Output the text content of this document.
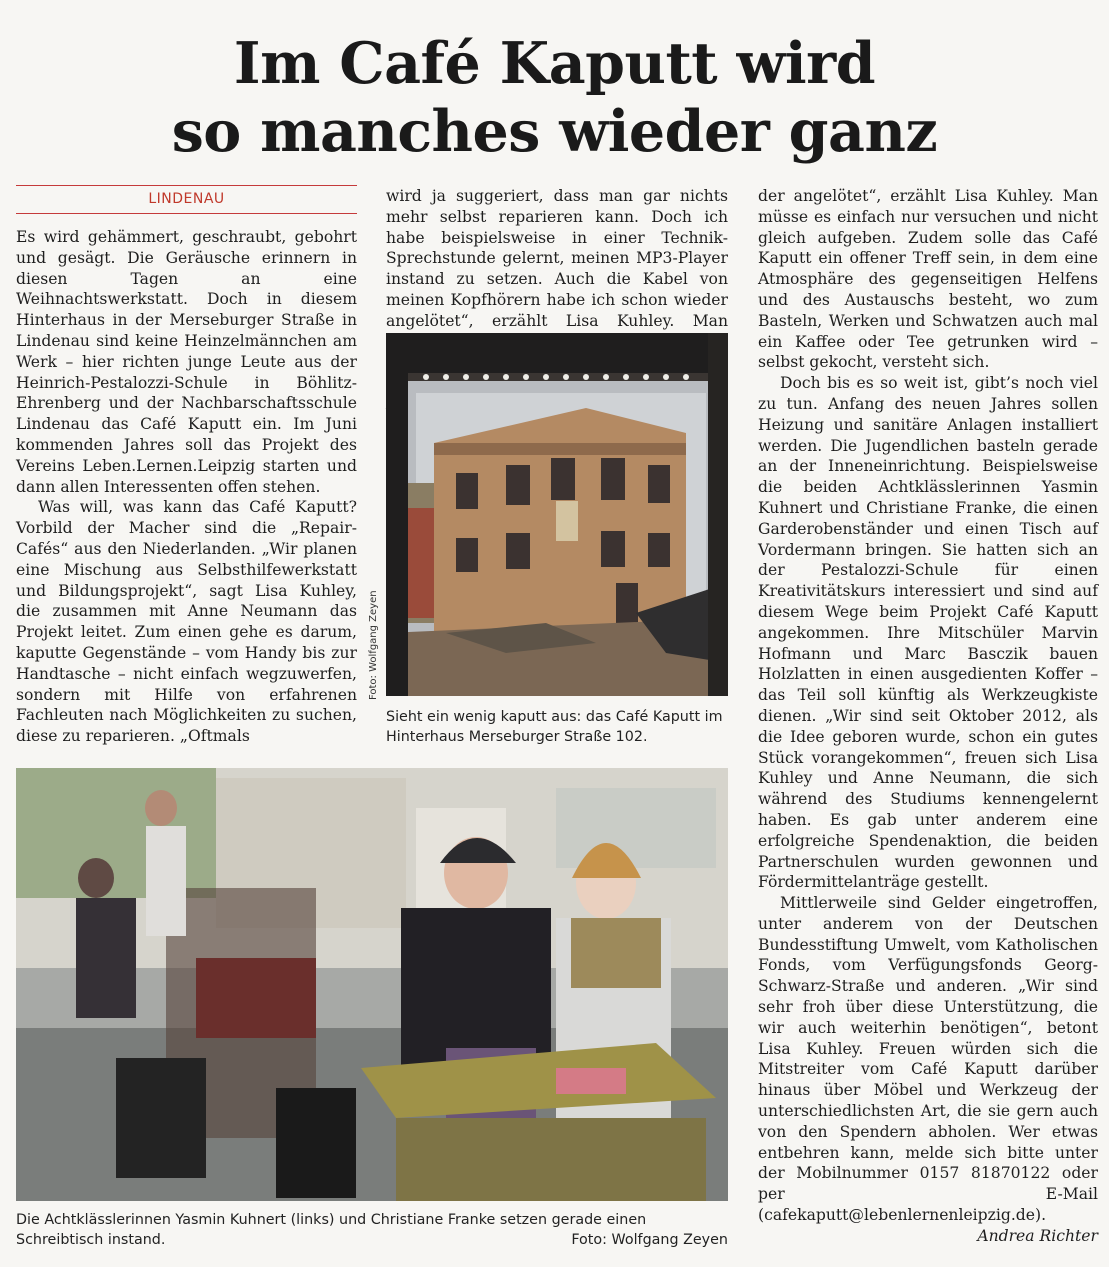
Im Café Kaputt wird
so manches wieder ganz
LINDENAU

Es wird gehämmert, geschraubt, gebohrt und gesägt. Die Geräusche erinnern in diesen Tagen an eine Weihnachtswerkstatt. Doch in diesem Hinterhaus in der Merseburger Straße in Lindenau sind keine Heinzelmännchen am Werk – hier richten junge Leute aus der Heinrich-Pestalozzi-Schule in Böhlitz-Ehrenberg und der Nachbarschaftsschule Lindenau das Café Kaputt ein. Im Juni kommenden Jahres soll das Projekt des Vereins Leben.Lernen.Leipzig starten und dann allen Interessenten offen stehen.

Was will, was kann das Café Kaputt? Vorbild der Macher sind die „Repair-Cafés“ aus den Niederlanden. „Wir planen eine Mischung aus Selbsthilfewerkstatt und Bildungsprojekt“, sagt Lisa Kuhley, die zusammen mit Anne Neumann das Projekt leitet. Zum einen gehe es darum, kaputte Gegenstände – vom Handy bis zur Handtasche – nicht einfach wegzuwerfen, sondern mit Hilfe von erfahrenen Fachleuten nach Möglichkeiten zu suchen, diese zu reparieren. „Oftmals

wird ja suggeriert, dass man gar nichts mehr selbst reparieren kann. Doch ich habe beispielsweise in einer Technik-Sprechstunde gelernt, meinen MP3-Player instand zu setzen. Auch die Kabel von meinen Kopfhörern habe ich schon wieder angelötet“, erzählt Lisa Kuhley. Man

Foto: Wolfgang Zeyen
Sieht ein wenig kaputt aus: das Café Kaputt im Hinterhaus Merseburger Straße 102.

der angelötet“, erzählt Lisa Kuhley. Man müsse es einfach nur versuchen und nicht gleich aufgeben. Zudem solle das Café Kaputt ein offener Treff sein, in dem eine Atmosphäre des gegenseitigen Helfens und des Austauschs besteht, wo zum Basteln, Werken und Schwatzen auch mal ein Kaffee oder Tee getrunken wird – selbst gekocht, versteht sich.

Doch bis es so weit ist, gibt’s noch viel zu tun. Anfang des neuen Jahres sollen Heizung und sanitäre Anlagen installiert werden. Die Jugendlichen basteln gerade an der Inneneinrichtung. Beispielsweise die beiden Achtklässlerinnen Yasmin Kuhnert und Christiane Franke, die einen Garderobenständer und einen Tisch auf Vordermann bringen. Sie hatten sich an der Pestalozzi-Schule für einen Kreativitätskurs interessiert und sind auf diesem Wege beim Projekt Café Kaputt angekommen. Ihre Mitschüler Marvin Hofmann und Marc Basczik bauen Holzlatten in einen ausgedienten Koffer – das Teil soll künftig als Werkzeugkiste dienen. „Wir sind seit Oktober 2012, als die Idee geboren wurde, schon ein gutes Stück vorangekommen“, freuen sich Lisa Kuhley und Anne Neumann, die sich während des Studiums kennengelernt haben. Es gab unter anderem eine erfolgreiche Spendenaktion, die beiden Partnerschulen wurden gewonnen und Fördermittelanträge gestellt.

Mittlerweile sind Gelder eingetroffen, unter anderem von der Deutschen Bundesstiftung Umwelt, vom Katholischen Fonds, vom Verfügungsfonds Georg-Schwarz-Straße und anderen. „Wir sind sehr froh über diese Unterstützung, die wir auch weiterhin benötigen“, betont Lisa Kuhley. Freuen würden sich die Mitstreiter vom Café Kaputt darüber hinaus über Möbel und Werkzeug der unterschiedlichsten Art, die sie gern auch von den Spendern abholen. Wer etwas entbehren kann, melde sich bitte unter der Mobilnummer 0157 81870122 oder per E-Mail (cafekaputt@lebenlernenleipzig.de).

Andrea Richter

Die Achtklässlerinnen Yasmin Kuhnert (links) und Christiane Franke setzen gerade einen Schreibtisch instand.	Foto: Wolfgang Zeyen
